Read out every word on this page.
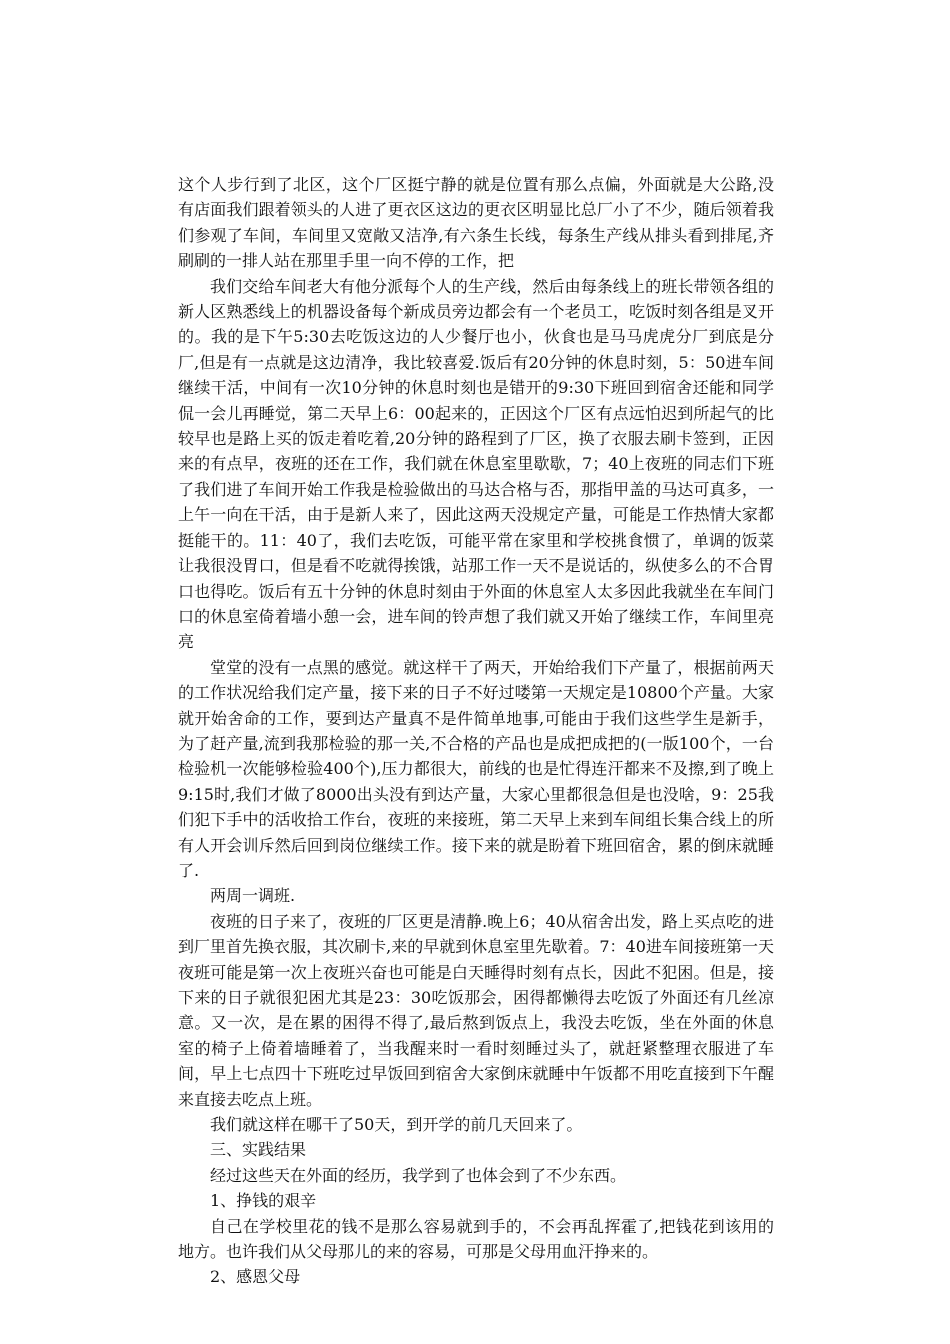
这个人步行到了北区，这个厂区挺宁静的就是位置有那么点偏，外面就是大公路,没有店面我们跟着领头的人进了更衣区这边的更衣区明显比总厂小了不少，随后领着我们参观了车间，车间里又宽敞又洁净,有六条生长线，每条生产线从排头看到排尾,齐刷刷的一排人站在那里手里一向不停的工作，把

我们交给车间老大有他分派每个人的生产线，然后由每条线上的班长带领各组的新人区熟悉线上的机器设备每个新成员旁边都会有一个老员工，吃饭时刻各组是叉开的。我的是下午5:30去吃饭这边的人少餐厅也小，伙食也是马马虎虎分厂到底是分厂,但是有一点就是这边清净，我比较喜爱.饭后有20分钟的休息时刻，5：50进车间继续干活，中间有一次10分钟的休息时刻也是错开的9:30下班回到宿舍还能和同学侃一会儿再睡觉，第二天早上6：00起来的，正因这个厂区有点远怕迟到所起气的比较早也是路上买的饭走着吃着,20分钟的路程到了厂区，换了衣服去刷卡签到，正因来的有点早，夜班的还在工作，我们就在休息室里歇歇，7；40上夜班的同志们下班了我们进了车间开始工作我是检验做出的马达合格与否，那指甲盖的马达可真多，一上午一向在干活，由于是新人来了，因此这两天没规定产量，可能是工作热情大家都挺能干的。11：40了，我们去吃饭，可能平常在家里和学校挑食惯了，单调的饭菜让我很没胃口，但是看不吃就得挨饿，站那工作一天不是说话的，纵使多么的不合胃口也得吃。饭后有五十分钟的休息时刻由于外面的休息室人太多因此我就坐在车间门口的休息室倚着墙小憩一会，进车间的铃声想了我们就又开始了继续工作，车间里亮亮

堂堂的没有一点黑的感觉。就这样干了两天，开始给我们下产量了，根据前两天的工作状况给我们定产量，接下来的日子不好过喽第一天规定是10800个产量。大家就开始舍命的工作，要到达产量真不是件简单地事,可能由于我们这些学生是新手，为了赶产量,流到我那检验的那一关,不合格的产品也是成把成把的(一版100个，一台检验机一次能够检验400个),压力都很大，前线的也是忙得连汗都来不及擦,到了晚上9:15时,我们才做了8000出头没有到达产量，大家心里都很急但是也没啥，9：25我们犯下手中的活收拾工作台，夜班的来接班，第二天早上来到车间组长集合线上的所有人开会训斥然后回到岗位继续工作。接下来的就是盼着下班回宿舍，累的倒床就睡了.

两周一调班.

夜班的日子来了，夜班的厂区更是清静.晚上6；40从宿舍出发，路上买点吃的进到厂里首先换衣服，其次刷卡,来的早就到休息室里先歇着。7：40进车间接班第一天夜班可能是第一次上夜班兴奋也可能是白天睡得时刻有点长，因此不犯困。但是，接下来的日子就很犯困尤其是23：30吃饭那会，困得都懒得去吃饭了外面还有几丝凉意。又一次，是在累的困得不得了,最后熬到饭点上，我没去吃饭，坐在外面的休息室的椅子上倚着墙睡着了，当我醒来时一看时刻睡过头了，就赶紧整理衣服进了车间，早上七点四十下班吃过早饭回到宿舍大家倒床就睡中午饭都不用吃直接到下午醒来直接去吃点上班。

我们就这样在哪干了50天，到开学的前几天回来了。

三、实践结果

经过这些天在外面的经历，我学到了也体会到了不少东西。

1、挣钱的艰辛

自己在学校里花的钱不是那么容易就到手的，不会再乱挥霍了,把钱花到该用的地方。也许我们从父母那儿的来的容易，可那是父母用血汗挣来的。

2、感恩父母
